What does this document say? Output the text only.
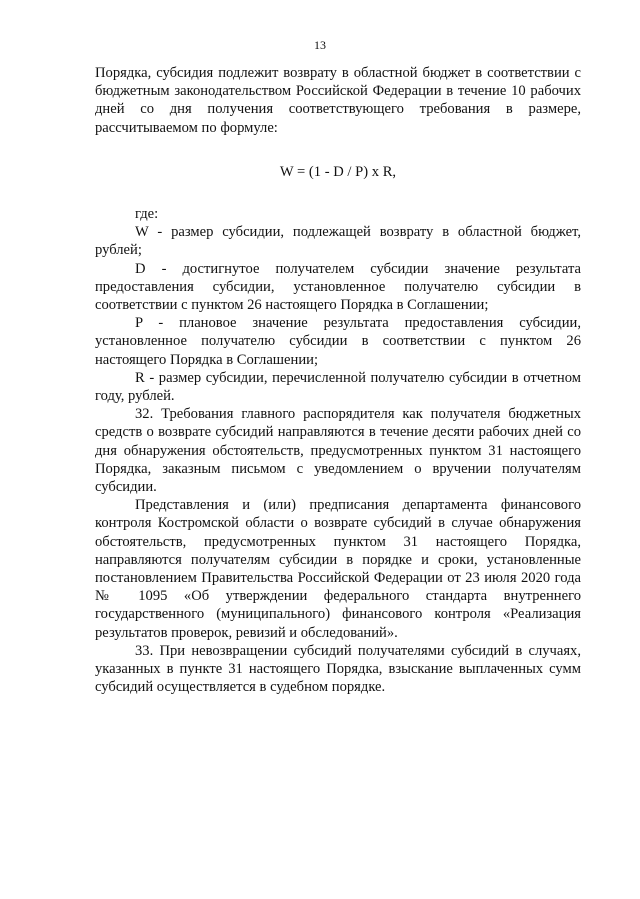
13

Порядка, субсидия подлежит возврату в областной бюджет в соответствии с бюджетным законодательством Российской Федерации в течение 10 рабочих дней со дня получения соответствующего требования в размере, рассчитываемом по формуле:

W = (1 - D / P) x R,

где:

W - размер субсидии, подлежащей возврату в областной бюджет, рублей;

D - достигнутое получателем субсидии значение результата предоставления субсидии, установленное получателю субсидии в соответствии с пунктом 26 настоящего Порядка в Соглашении;

P - плановое значение результата предоставления субсидии, установленное получателю субсидии в соответствии с пунктом 26 настоящего Порядка в Соглашении;

R - размер субсидии, перечисленной получателю субсидии в отчетном году, рублей.

32. Требования главного распорядителя как получателя бюджетных средств о возврате субсидий направляются в течение десяти рабочих дней со дня обнаружения обстоятельств, предусмотренных пунктом 31 настоящего Порядка, заказным письмом с уведомлением о вручении получателям субсидии.

Представления и (или) предписания департамента финансового контроля Костромской области о возврате субсидий в случае обнаружения обстоятельств, предусмотренных пунктом 31 настоящего Порядка, направляются получателям субсидии в порядке и сроки, установленные постановлением Правительства Российской Федерации от 23 июля 2020 года № 1095 «Об утверждении федерального стандарта внутреннего государственного (муниципального) финансового контроля «Реализация результатов проверок, ревизий и обследований».

33. При невозвращении субсидий получателями субсидий в случаях, указанных в пункте 31 настоящего Порядка, взыскание выплаченных сумм субсидий осуществляется в судебном порядке.
